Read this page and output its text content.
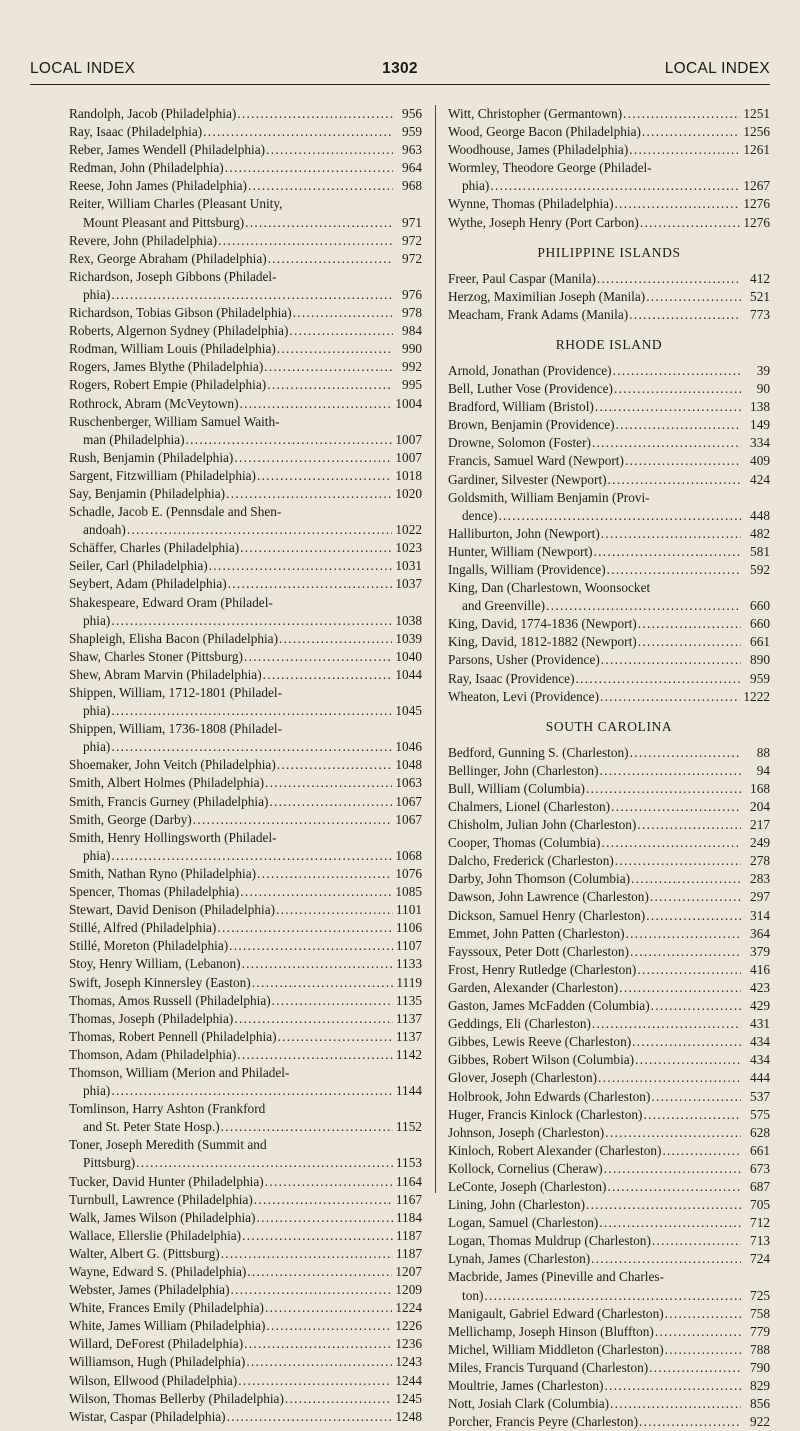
LOCAL INDEX	1302	LOCAL INDEX
Randolph, Jacob (Philadelphia) .....	956
Ray, Isaac (Philadelphia) .....	959
Reber, James Wendell (Philadelphia) .....	963
Redman, John (Philadelphia) .....	964
Reese, John James (Philadelphia) .....	968
Reiter, William Charles (Pleasant Unity,
Mount Pleasant and Pittsburg) .....	971
Revere, John (Philadelphia) .....	972
Rex, George Abraham (Philadelphia) .....	972
Richardson, Joseph Gibbons (Philadel-
phia) .....	976
Richardson, Tobias Gibson (Philadelphia) .....	978
Roberts, Algernon Sydney (Philadelphia) .....	984
Rodman, William Louis (Philadelphia) .....	990
Rogers, James Blythe (Philadelphia) .....	992
Rogers, Robert Empie (Philadelphia) .....	995
Rothrock, Abram (McVeytown) .....	1004
Ruschenberger, William Samuel Waith-
man (Philadelphia) .....	1007
Rush, Benjamin (Philadelphia) .....	1007
Sargent, Fitzwilliam (Philadelphia) .....	1018
Say, Benjamin (Philadelphia) .....	1020
Schadle, Jacob E. (Pennsdale and Shen-
andoah) .....	1022
Schäffer, Charles (Philadelphia) .....	1023
Seiler, Carl (Philadelphia) .....	1031
Seybert, Adam (Philadelphia) .....	1037
Shakespeare, Edward Oram (Philadel-
phia) .....	1038
Shapleigh, Elisha Bacon (Philadelphia) .....	1039
Shaw, Charles Stoner (Pittsburg) .....	1040
Shew, Abram Marvin (Philadelphia) .....	1044
Shippen, William, 1712-1801 (Philadel-
phia) .....	1045
Shippen, William, 1736-1808 (Philadel-
phia) .....	1046
Shoemaker, John Veitch (Philadelphia) .....	1048
Smith, Albert Holmes (Philadelphia) .....	1063
Smith, Francis Gurney (Philadelphia) .....	1067
Smith, George (Darby) .....	1067
Smith, Henry Hollingsworth (Philadel-
phia) .....	1068
Smith, Nathan Ryno (Philadelphia) .....	1076
Spencer, Thomas (Philadelphia) .....	1085
Stewart, David Denison (Philadelphia) .....	1101
Stillé, Alfred (Philadelphia) .....	1106
Stillé, Moreton (Philadelphia) .....	1107
Stoy, Henry William, (Lebanon) .....	1133
Swift, Joseph Kinnersley (Easton) .....	1119
Thomas, Amos Russell (Philadelphia) .....	1135
Thomas, Joseph (Philadelphia) .....	1137
Thomas, Robert Pennell (Philadelphia) .....	1137
Thomson, Adam (Philadelphia) .....	1142
Thomson, William (Merion and Philadel-
phia) .....	1144
Tomlinson, Harry Ashton (Frankford
and St. Peter State Hosp.) .....	1152
Toner, Joseph Meredith (Summit and
Pittsburg) .....	1153
Tucker, David Hunter (Philadelphia) .....	1164
Turnbull, Lawrence (Philadelphia) .....	1167
Walk, James Wilson (Philadelphia) .....	1184
Wallace, Ellerslie (Philadelphia) .....	1187
Walter, Albert G. (Pittsburg) .....	1187
Wayne, Edward S. (Philadelphia) .....	1207
Webster, James (Philadelphia) .....	1209
White, Frances Emily (Philadelphia) .....	1224
White, James William (Philadelphia) .....	1226
Willard, DeForest (Philadelphia) .....	1236
Williamson, Hugh (Philadelphia) .....	1243
Wilson, Ellwood (Philadelphia) .....	1244
Wilson, Thomas Bellerby (Philadelphia) .....	1245
Wistar, Caspar (Philadelphia) .....	1248
Witt, Christopher (Germantown) .....	1251
Wood, George Bacon (Philadelphia) .....	1256
Woodhouse, James (Philadelphia) .....	1261
Wormley, Theodore George (Philadel-
phia) .....	1267
Wynne, Thomas (Philadelphia) .....	1276
Wythe, Joseph Henry (Port Carbon) .....	1276
PHILIPPINE ISLANDS
Freer, Paul Caspar (Manila) .....	412
Herzog, Maximilian Joseph (Manila) .....	521
Meacham, Frank Adams (Manila) .....	773
RHODE ISLAND
Arnold, Jonathan (Providence) .....	39
Bell, Luther Vose (Providence) .....	90
Bradford, William (Bristol) .....	138
Brown, Benjamin (Providence) .....	149
Drowne, Solomon (Foster) .....	334
Francis, Samuel Ward (Newport) .....	409
Gardiner, Silvester (Newport) .....	424
Goldsmith, William Benjamin (Provi-
dence) .....	448
Halliburton, John (Newport) .....	482
Hunter, William (Newport) .....	581
Ingalls, William (Providence) .....	592
King, Dan (Charlestown, Woonsocket
and Greenville) .....	660
King, David, 1774-1836 (Newport) .....	660
King, David, 1812-1882 (Newport) .....	661
Parsons, Usher (Providence) .....	890
Ray, Isaac (Providence) .....	959
Wheaton, Levi (Providence) .....	1222
SOUTH CAROLINA
Bedford, Gunning S. (Charleston) .....	88
Bellinger, John (Charleston) .....	94
Bull, William (Columbia) .....	168
Chalmers, Lionel (Charleston) .....	204
Chisholm, Julian John (Charleston) .....	217
Cooper, Thomas (Columbia) .....	249
Dalcho, Frederick (Charleston) .....	278
Darby, John Thomson (Columbia) .....	283
Dawson, John Lawrence (Charleston) .....	297
Dickson, Samuel Henry (Charleston) .....	314
Emmet, John Patten (Charleston) .....	364
Fayssoux, Peter Dott (Charleston) .....	379
Frost, Henry Rutledge (Charleston) .....	416
Garden, Alexander (Charleston) .....	423
Gaston, James McFadden (Columbia) .....	429
Geddings, Eli (Charleston) .....	431
Gibbes, Lewis Reeve (Charleston) .....	434
Gibbes, Robert Wilson (Columbia) .....	434
Glover, Joseph (Charleston) .....	444
Holbrook, John Edwards (Charleston) .....	537
Huger, Francis Kinlock (Charleston) .....	575
Johnson, Joseph (Charleston) .....	628
Kinloch, Robert Alexander (Charleston) .....	661
Kollock, Cornelius (Cheraw) .....	673
LeConte, Joseph (Charleston) .....	687
Lining, John (Charleston) .....	705
Logan, Samuel (Charleston) .....	712
Logan, Thomas Muldrup (Charleston) .....	713
Lynah, James (Charleston) .....	724
Macbride, James (Pineville and Charles-
ton) .....	725
Manigault, Gabriel Edward (Charleston) .....	758
Mellichamp, Joseph Hinson (Bluffton) .....	779
Michel, William Middleton (Charleston) .....	788
Miles, Francis Turquand (Charleston) .....	790
Moultrie, James (Charleston) .....	829
Nott, Josiah Clark (Columbia) .....	856
Porcher, Francis Peyre (Charleston) .....	922
